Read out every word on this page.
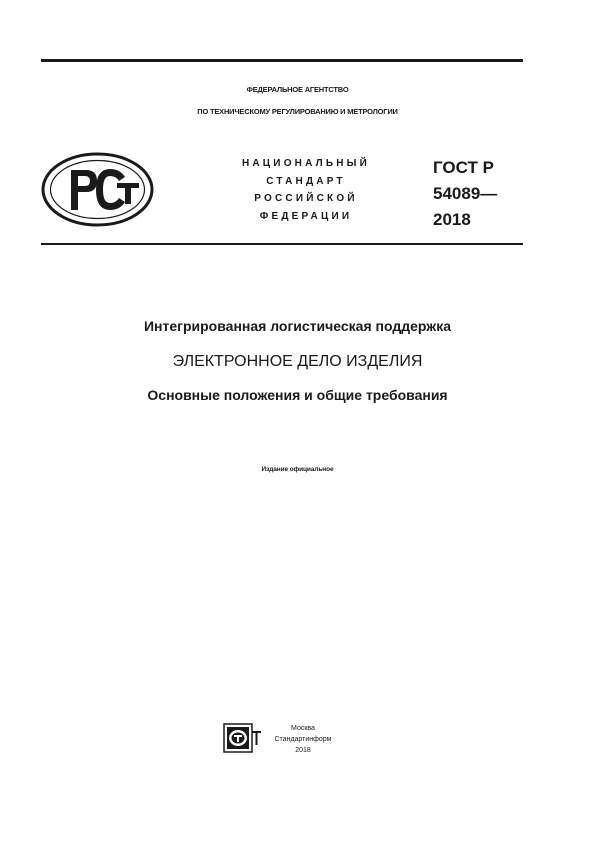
ФЕДЕРАЛЬНОЕ АГЕНТСТВО
ПО ТЕХНИЧЕСКОМУ РЕГУЛИРОВАНИЮ И МЕТРОЛОГИИ
НАЦИОНАЛЬНЫЙ
СТАНДАРТ
РОССИЙСКОЙ
ФЕДЕРАЦИИ
ГОСТ Р
54089—
2018
Интегрированная логистическая поддержка
ЭЛЕКТРОННОЕ ДЕЛО ИЗДЕЛИЯ
Основные положения и общие требования
Издание официальное
Москва
Стандартинформ
2018
